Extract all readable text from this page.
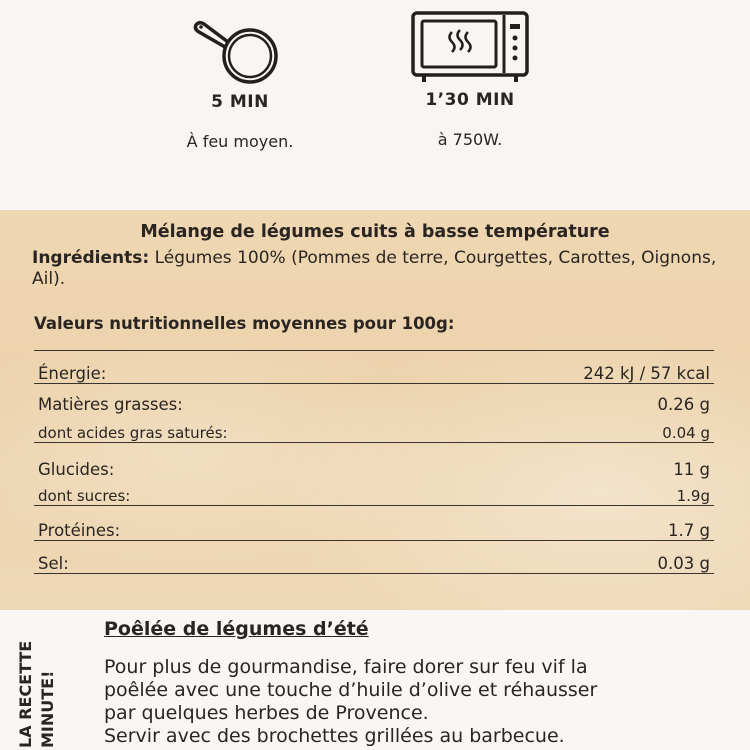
5 MIN
À feu moyen.
1’30 MIN
à 750W.
Mélange de légumes cuits à basse température
Ingrédients: Légumes 100% (Pommes de terre, Courgettes, Carottes, Oignons, Ail).
Valeurs nutritionnelles moyennes pour 100g:
Énergie:	242 kJ / 57 kcal
Matières grasses:	0.26 g
dont acides gras saturés:	0.04 g
Glucides:	11 g
dont sucres:	1.9g
Protéines:	1.7 g
Sel:	0.03 g
LA RECETTE MINUTE!
Poêlée de légumes d’été
Pour plus de gourmandise, faire dorer sur feu vif la
poêlée avec une touche d’huile d’olive et réhausser
par quelques herbes de Provence.
Servir avec des brochettes grillées au barbecue.
